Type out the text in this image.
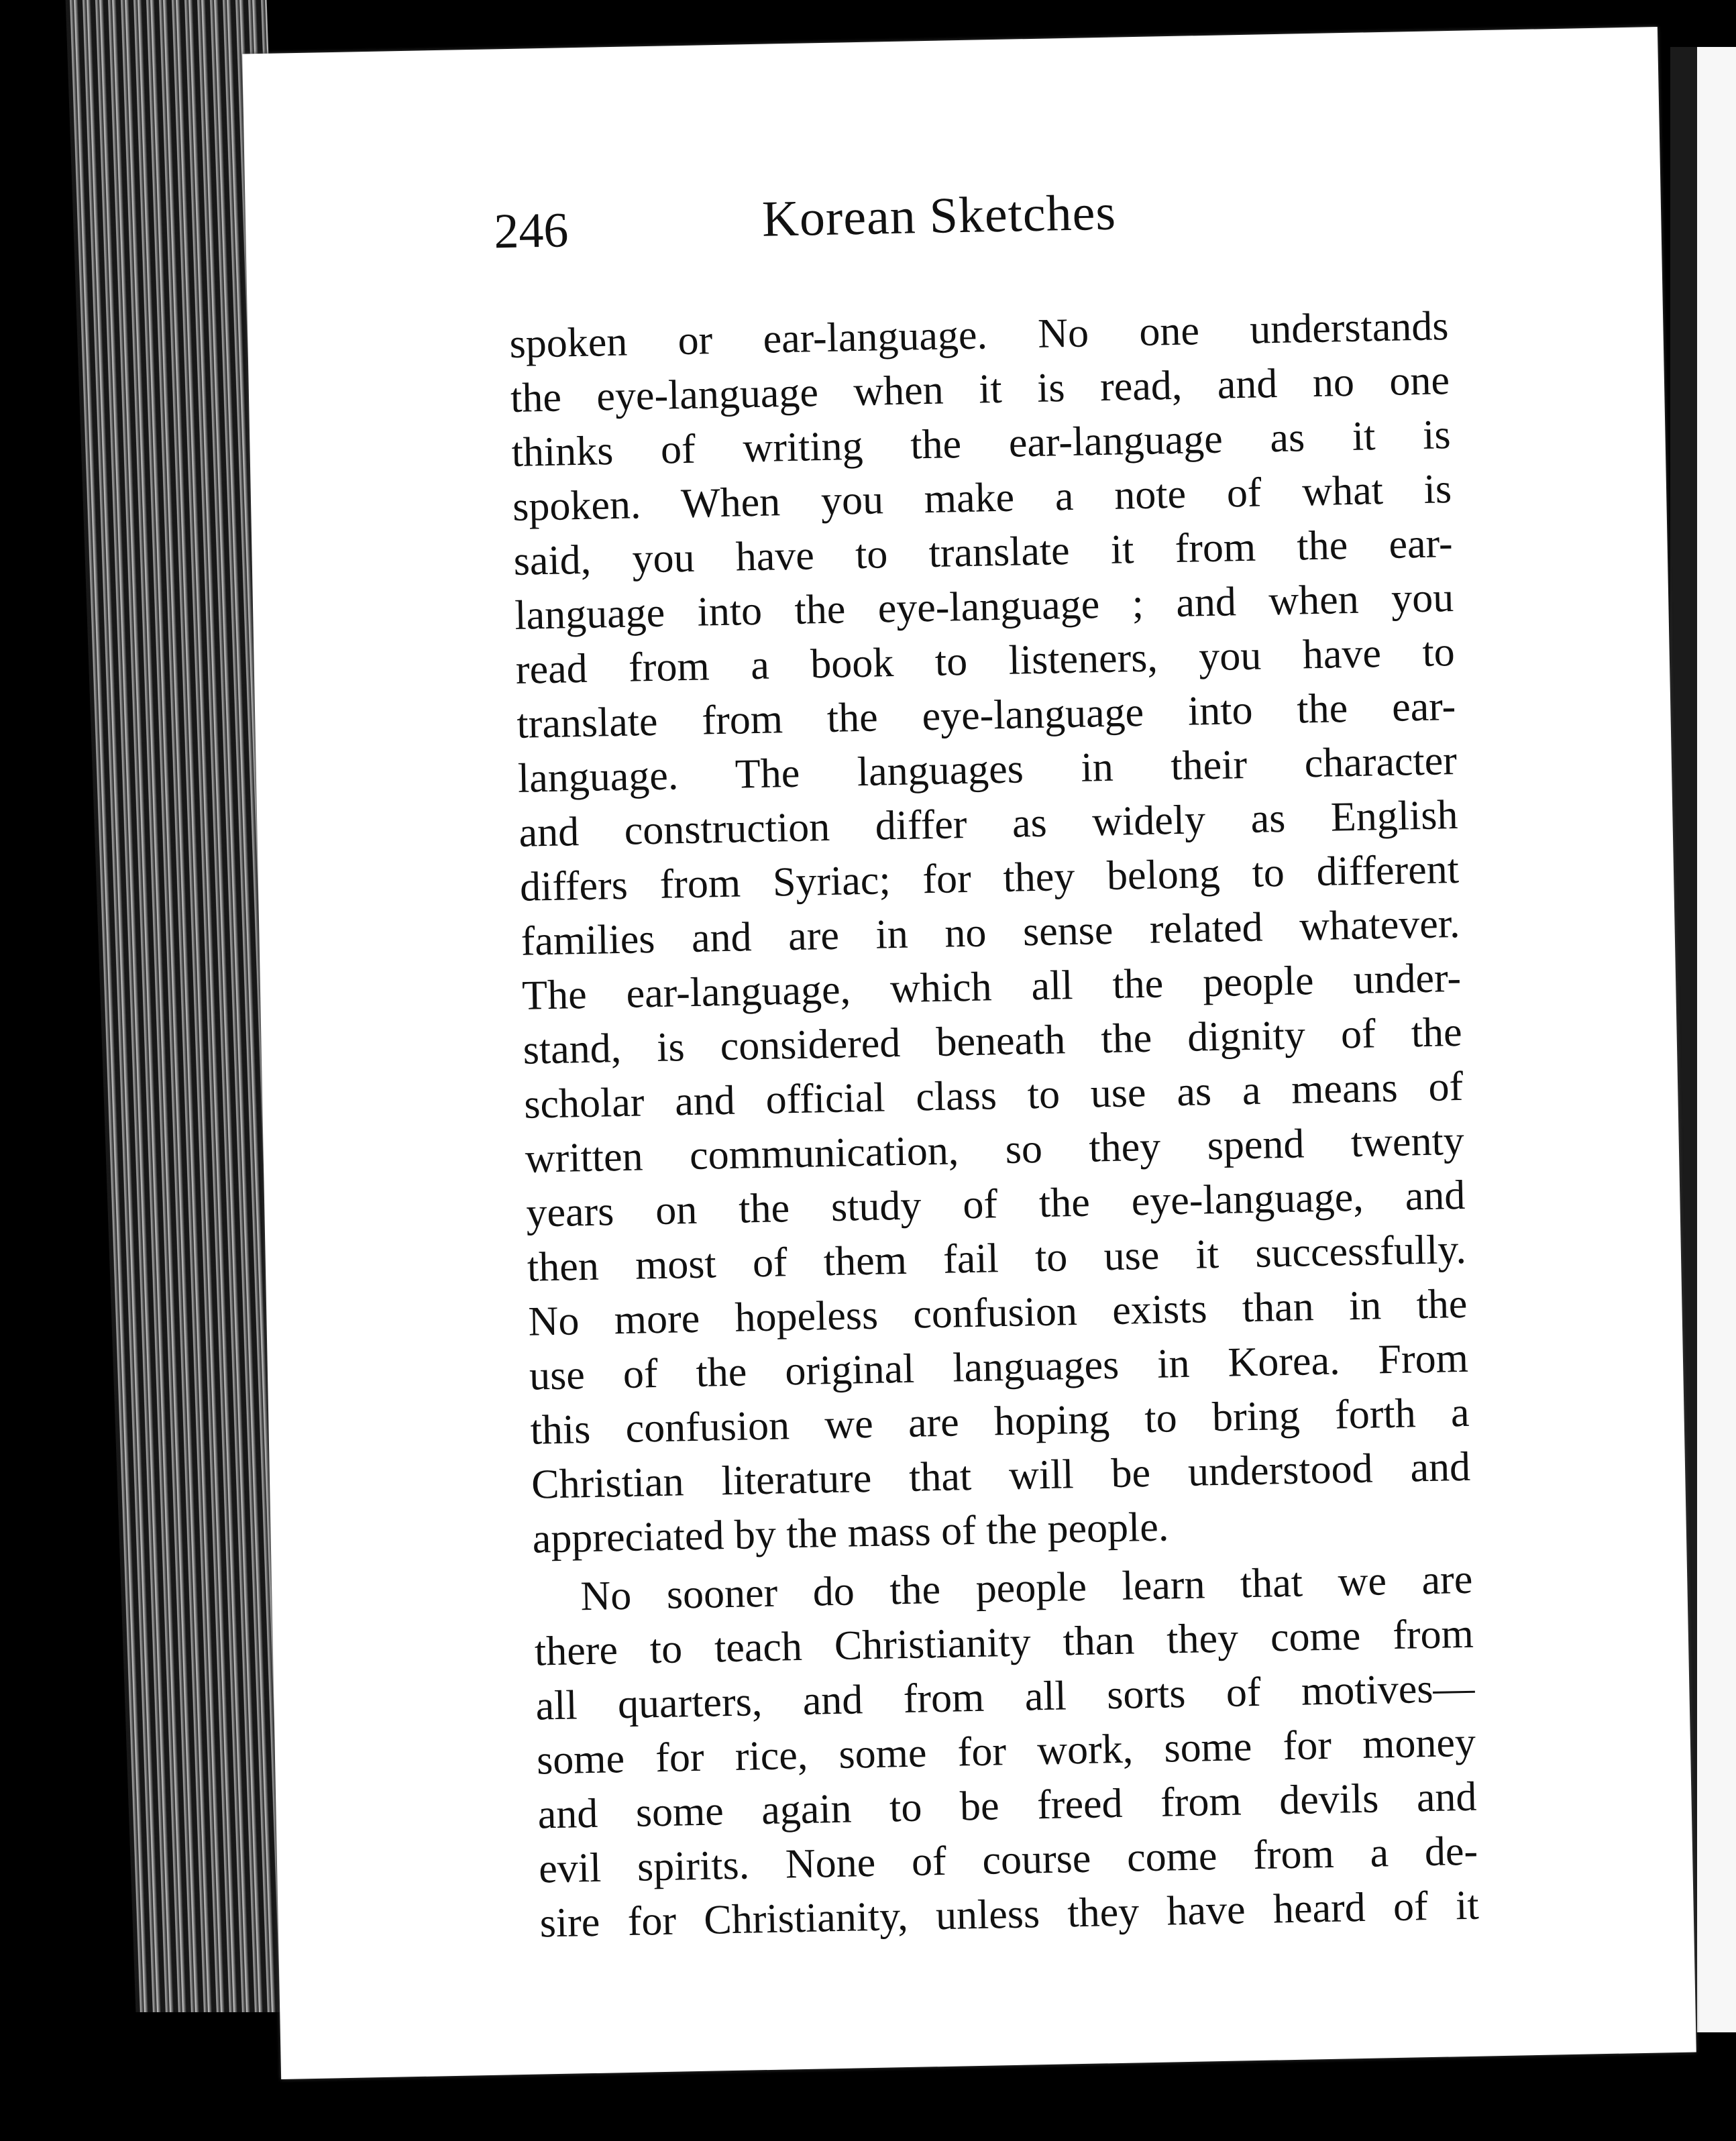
246	Korean Sketches
spoken or ear-language. No one understands
the eye-language when it is read, and no one
thinks of writing the ear-language as it is
spoken. When you make a note of what is
said, you have to translate it from the ear-
language into the eye-language ; and when you
read from a book to listeners, you have to
translate from the eye-language into the ear-
language. The languages in their character
and construction differ as widely as English
differs from Syriac; for they belong to different
families and are in no sense related whatever.
The ear-language, which all the people under-
stand, is considered beneath the dignity of the
scholar and official class to use as a means of
written communication, so they spend twenty
years on the study of the eye-language, and
then most of them fail to use it successfully.
No more hopeless confusion exists than in the
use of the original languages in Korea. From
this confusion we are hoping to bring forth a
Christian literature that will be understood and
appreciated by the mass of the people.
No sooner do the people learn that we are
there to teach Christianity than they come from
all quarters, and from all sorts of motives—
some for rice, some for work, some for money
and some again to be freed from devils and
evil spirits. None of course come from a de-
sire for Christianity, unless they have heard of it
